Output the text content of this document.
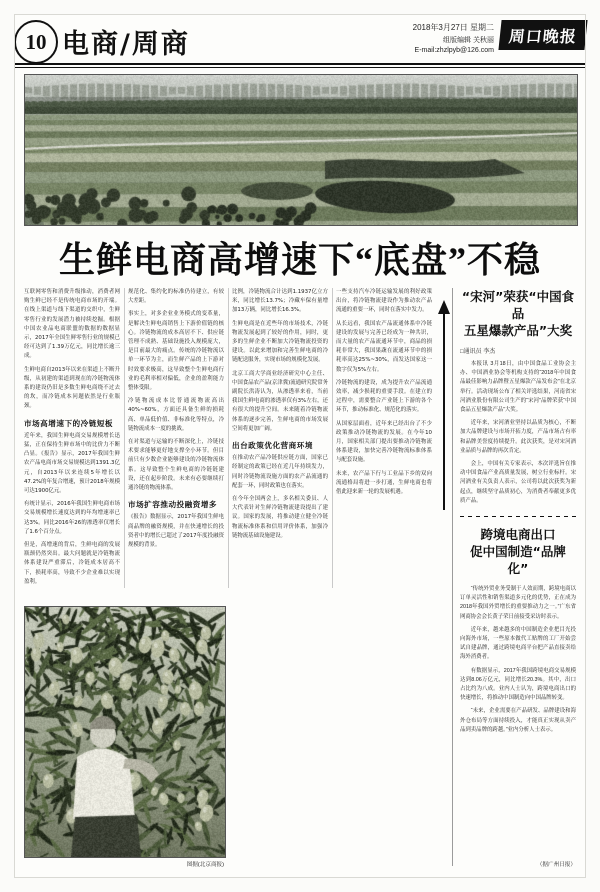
10 电商/周商
2018年3月27日 星期二
组版编辑 关秋丽
E-mail:zhzlpyb@126.com
周口晚报
生鲜电商高增速下“底盘”不稳

互联网零售和消费升级推动，消费者网购生鲜已经不是传统电商市场的开端。在线上渠道与线下渠道的交织中，生鲜零售行业的发展潜力被持续挖掘。根据中国农业品电商联盟的数据的数据显示，2017年全国生鲜零售行业的规模已经可达到了1.39万亿元，同比增长逾三成。

生鲜电商自2013年以来在渠道上不断升级，从初建的渠道到现在的冷链物流体系的建设仍旧是多数生鲜电商绕不过去的坎，而冷链成本问题依然是行业瓶颈。

市场高增速下的冷链短板

近年来，我国生鲜电商交易规模增长迅猛，正在保持生鲜市场中的比价力不断凸显。《报告》显示，2017年我国生鲜农产品电商市场交易规模达到1391.3亿元，自2013年以来连续5年增长以47.2%的年复合增速，预计2018年规模可达1900亿元。

有统计显示，2016年我国生鲜电商市场交易规模增长速度达到的年均增速率已达3%。同比2016年26的渗透率仅增长了1.6个百分点。

但是，高增速的背后，生鲜电商的发展瓶颈仍然突出。最大问题就是冷链物流体系建设严重滞后，冷链成本居高不下，损耗率高，导致不少企业难以实现盈利。

规范化、集约化的标准仍待建立，有较大差距。

事实上，对多企业业务模式的变革量，是解决生鲜电商销售上下游价值链的核心。冷链物流的成本高居不下、供应链管理不成熟、基础设施投入规模庞大，是目前最大的痛点。传统的冷链物流以单一环节为主，而生鲜产品的上下游对时效要求极高，这导致整个生鲜电商行业的毛利率相对偏低，企业的盈利能力整体受限。

冷链物流成本比普通流物流高出40%~60%，方面还具备生鲜的损耗高、单品低价值、非标准化等特点，冷链物流成本一度的挑战。

在对渠道与运输的不断深化上，冷链技术要求能够更好地支撑全小环节。但目前只有少数企业能够建设的冷链物流体系。这导致整个生鲜电商的冷链链建设，还在起步阶段。未来有必要继续打通冷链的物流体系。

市场扩容推动投融资增多

《报告》数据显示，2017年我国生鲜电商品牌的融资规模，并在快速增长的投资者中的增长已超过了2017年度投融资规模的背景。

比例，冷链物流合计达到1.1937亿立方米，同比增长13.7%；冷藏车保有量增加13万辆，同比增长16.3%。

生鲜电商是在近些年的市场技术，冷链物流发展起到了较好的作用，同时，更多的生鲜企业不断加大冷链物流投资的建设。以此来增加和完善生鲜电商的冷链配送服务，实现市场的规模化发展。

北京工商大学商业经济研究中心主任、中国食品农产品(京津冀)流通研究院常务副院长洪涛认为，从渗透率来看，当前我国生鲜电商的渗透率仅有3%左右，还有很大的提升空间。未来随着冷链物流体系的逐步完善，生鲜电商的市场发展空间将更加广阔。

出台政策优化营商环境

在推动农产品冷链供应链方面，国家已经制定的政策已经在近几年持续发力，同时冷链物流设施方面的农产品流通的配套一环，同时政策也在落实。

在今年全国两会上，多名相关委员、人大代表针对生鲜冷链物流建设提出了建议。国家的发展，将推动建立健全冷链物流标准体系和信用评价体系，加强冷链物流基础设施建设。

一些支持汽车冷链运输发展的利好政策出台，将冷链物流建设作为推动农产品流通的重要一环，同时在落实中发力。

从长远看，我国农产品流通体系中冷链建设的发展与完善已经成为一种共识，而大量的农产品流通环节中，商品的损耗非常大，我国果蔬在流通环节中的损耗率高达25%~30%，而发达国家这一数字仅为5%左右。

冷链物流的建设，成为提升农产品流通效率，减少损耗的重要手段。在建立的过程中，需要整合产业链上下游的各个环节，推动标准化、规范化的落实。

从国家层面看，近年来已经出台了不少政策推动冷链物流的发展。在今年10月，国家相关部门提出要推动冷链物流体系建设，加快完善冷链物流标准体系与配套设施。

未来，农产品下行与工业品下乡的双向流通格局将进一步打通，生鲜电商也将借此迎来新一轮的发展机遇。

“宋河”荣获“中国食品
五星爆款产品”大奖
□通讯员 李杰

本报讯 3月18日，由中国食品工业协会主办、中国酒业协会等机构支持的“2018年中国食品最佳影响力品牌暨五星爆款产品发布会”在北京举行。活动现场公布了相关评选结果，河南省宋河酒业股份有限公司生产的“宋河”品牌荣获“中国食品五星爆款产品”大奖。

近年来，宋河酒业坚持以品质为核心，不断加大品牌建设与市场开拓力度，产品市场占有率和品牌美誉度持续提升。此次获奖，是对宋河酒业品质与品牌的再次肯定。

会上，中国有关专家表示，本次评选旨在推动中国食品产业高质量发展，树立行业标杆。宋河酒业有关负责人表示，公司将以此次获奖为新起点，继续坚守品质初心，为消费者奉献更多优质产品。

跨境电商出口
促中国制造“品牌化”

“传统外贸业务受制于人效而期，跨境电商以订单灵活性和销售渠道多元化的优势，正在成为2018年我国外贸增长的重要推动力之一。”广东省网商协会会长黄子荣日前接受采访时表示。

近年来，越来越多的中国制造企业把目光投向海外市场，一些原本做代工贴牌的工厂开始尝试自建品牌，通过跨境电商平台把产品直接卖给海外消费者。

有数据显示，2017年我国跨境电商交易规模达到8.06万亿元，同比增长20.3%。其中，出口占比约为八成。业内人士认为，跨境电商出口的快速增长，将推动中国制造向中国品牌转变。

“未来，企业需要在产品研发、品牌建设和海外仓布局等方面持续投入，才能真正实现从卖产品到卖品牌的跨越。”业内分析人士表示。

图据(北京商报)	（据广州日报）
